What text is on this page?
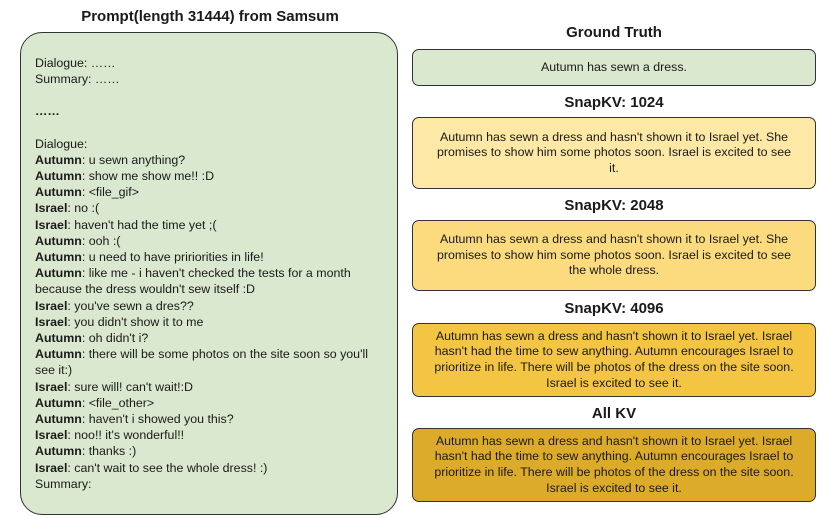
Prompt(length 31444) from Samsum
Dialogue: ……
Summary: ……
……
Dialogue:
Autumn: u sewn anything?
Autumn: show me show me!! :D
Autumn: <file_gif>
Israel: no :(
Israel: haven't had the time yet ;(
Autumn: ooh :(
Autumn: u need to have pririorities in life!
Autumn: like me - i haven't checked the tests for a month because the dress wouldn't sew itself :D
Israel: you've sewn a dres??
Israel: you didn't show it to me
Autumn: oh didn't i?
Autumn: there will be some photos on the site soon so you'll see it:)
Israel: sure will! can't wait!:D
Autumn: <file_other>
Autumn: haven't i showed you this?
Israel: noo!! it's wonderful!!
Autumn: thanks :)
Israel: can't wait to see the whole dress! :)
Summary:
Ground Truth
Autumn has sewn a dress.
SnapKV: 1024
Autumn has sewn a dress and hasn't shown it to Israel yet. She promises to show him some photos soon. Israel is excited to see it.
SnapKV: 2048
Autumn has sewn a dress and hasn't shown it to Israel yet. She promises to show him some photos soon. Israel is excited to see the whole dress.
SnapKV: 4096
Autumn has sewn a dress and hasn't shown it to Israel yet. Israel hasn't had the time to sew anything. Autumn encourages Israel to prioritize in life. There will be photos of the dress on the site soon. Israel is excited to see it.
All KV
Autumn has sewn a dress and hasn't shown it to Israel yet. Israel hasn't had the time to sew anything. Autumn encourages Israel to prioritize in life. There will be photos of the dress on the site soon. Israel is excited to see it.
